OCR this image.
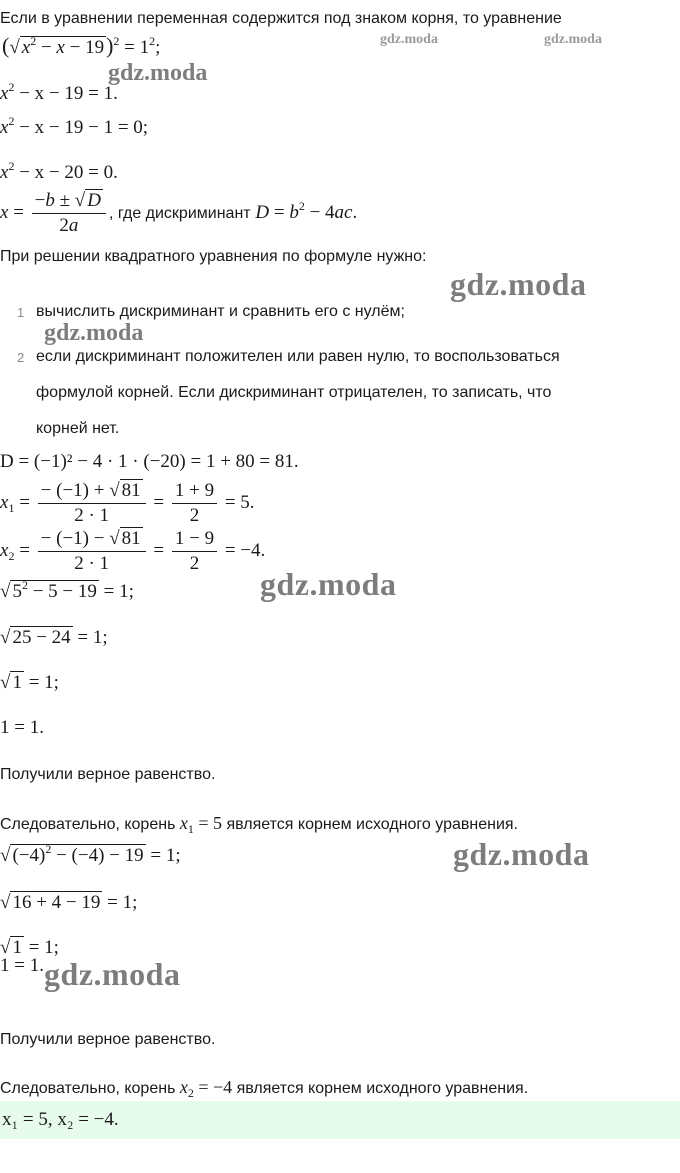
Если в уравнении переменная содержится под знаком корня, то уравнение
(√ $x^2 - x - 19)^2 = 1^2$;
$x^2 - x - 19 = 1$.
$x^2 - x - 19 - 1 = 0$;
$x^2 - x - 20 = 0$.
$x = \frac{-b \pm √ D}{2a}$ , где дискриминант $D = b^2 - 4ac$.
При решении квадратного уравнения по формуле нужно:
1 вычислить дискриминант и сравнить его с нулём;
2 если дискриминант положителен или равен нулю, то воспользоваться
формулой корней. Если дискриминант отрицателен, то записать, что
корней нет.
D = (−1)² − 4 · 1 · (−20) = 1 + 80 = 81.
$x_1 = \frac{- (-1) + √ 81}{2 \cdot 1} = \frac{1 + 9}{2} = 5$.
$x_2 = \frac{- (-1) - √ 81}{2 \cdot 1} = \frac{1 - 9}{2} = -4$.
√ $5^2 - 5 - 19 = 1$;
√ 25 − 24 = 1;
√ 1 = 1;
1 = 1.
Получили верное равенство.
Следовательно, корень $x_1 = 5$ является корнем исходного уравнения.
√ $(-4)^2 - (-4) - 19 = 1$;
√ 16 + 4 − 19 = 1;
√ 1 = 1;
1 = 1.
Получили верное равенство.
Следовательно, корень $x_2 = -4$ является корнем исходного уравнения.
x₁ = 5, x₂ = −4.
gdz.moda	gdz.moda
gdz.moda
gdz.moda
gdz.moda
gdz.moda
gdz.moda
gdz.moda
